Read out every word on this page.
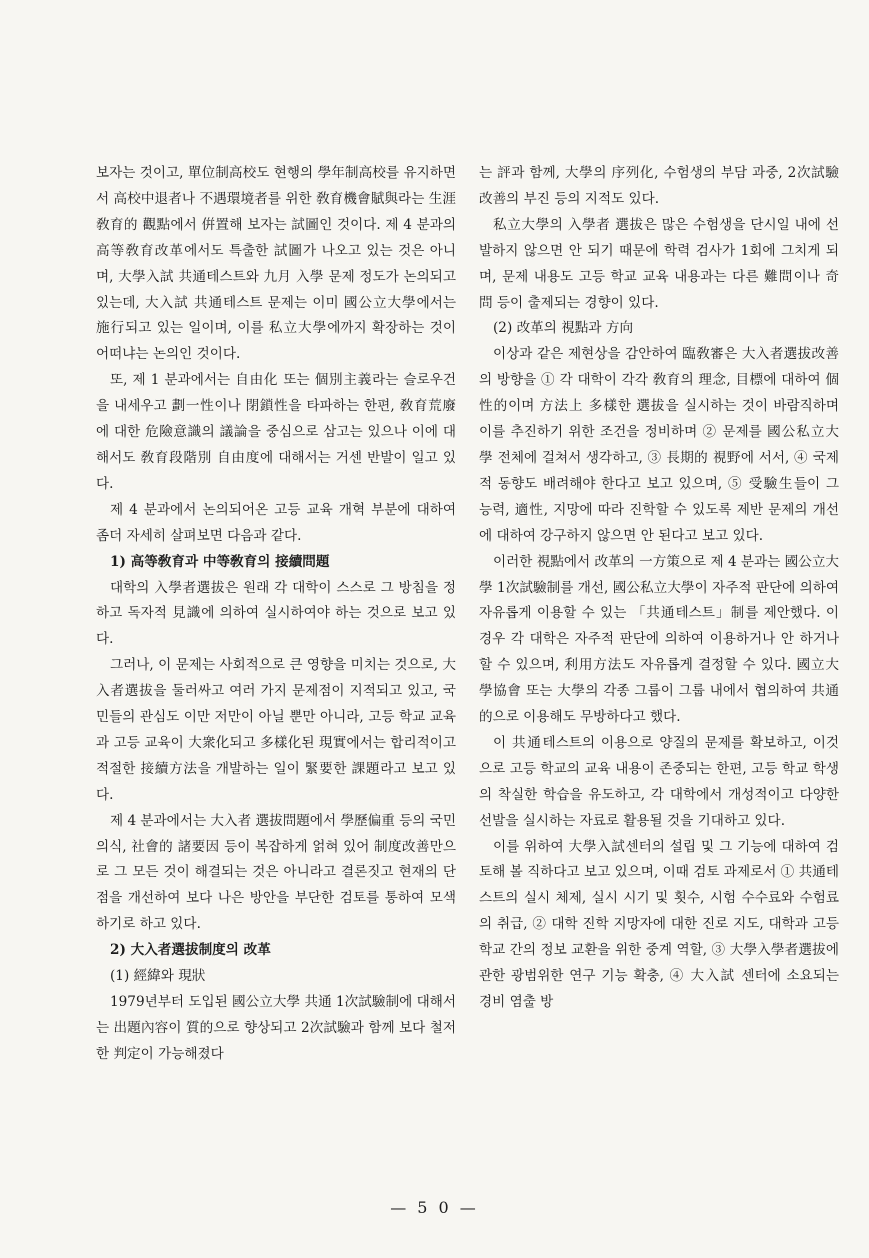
보자는 것이고, 單位制高校도 현행의 學年制高校를 유지하면서 高校中退者나 不遇環境者를 위한 敎育機會賦與라는 生涯敎育的 觀點에서 倂置해 보자는 試圖인 것이다. 제 4 분과의 高等敎育改革에서도 특출한 試圖가 나오고 있는 것은 아니며, 大學入試 共通테스트와 九月 入學 문제 정도가 논의되고 있는데, 大入試 共通테스트 문제는 이미 國公立大學에서는 施行되고 있는 일이며, 이를 私立大學에까지 확장하는 것이 어떠냐는 논의인 것이다.

또, 제 1 분과에서는 自由化 또는 個別主義라는 슬로우건을 내세우고 劃一性이나 閉鎖性을 타파하는 한편, 敎育荒廢에 대한 危險意識의 議論을 중심으로 삼고는 있으나 이에 대해서도 敎育段階別 自由度에 대해서는 거센 반발이 일고 있다.

제 4 분과에서 논의되어온 고등 교육 개혁 부분에 대하여 좀더 자세히 살펴보면 다음과 같다.

1) 高等敎育과 中等敎育의 接續問題

대학의 入學者選拔은 원래 각 대학이 스스로 그 방침을 정하고 독자적 見識에 의하여 실시하여야 하는 것으로 보고 있다.

그러나, 이 문제는 사회적으로 큰 영향을 미치는 것으로, 大入者選拔을 둘러싸고 여러 가지 문제점이 지적되고 있고, 국민들의 관심도 이만 저만이 아닐 뿐만 아니라, 고등 학교 교육과 고등 교육이 大衆化되고 多樣化된 現實에서는 합리적이고 적절한 接續方法을 개발하는 일이 緊要한 課題라고 보고 있다.

제 4 분과에서는 大入者 選拔問題에서 學歷偏重 등의 국민 의식, 社會的 諸要因 등이 복잡하게 얽혀 있어 制度改善만으로 그 모든 것이 해결되는 것은 아니라고 결론짓고 현재의 단점을 개선하여 보다 나은 방안을 부단한 검토를 통하여 모색하기로 하고 있다.

2) 大入者選拔制度의 改革

(1) 經緯와 現狀

1979년부터 도입된 國公立大學 共通 1次試驗制에 대해서는 出題內容이 質的으로 향상되고 2次試驗과 함께 보다 철저한 判定이 가능해졌다

는 評과 함께, 大學의 序列化, 수험생의 부담 과중, 2次試驗改善의 부진 등의 지적도 있다.

私立大學의 入學者 選拔은 많은 수험생을 단시일 내에 선발하지 않으면 안 되기 때문에 학력 검사가 1회에 그치게 되며, 문제 내용도 고등 학교 교육 내용과는 다른 難問이나 奇問 등이 출제되는 경향이 있다.

(2) 改革의 視點과 方向

이상과 같은 제현상을 감안하여 臨敎審은 大入者選拔改善의 방향을 ① 각 대학이 각각 敎育의 理念, 目標에 대하여 個性的이며 方法上 多樣한 選拔을 실시하는 것이 바람직하며 이를 추진하기 위한 조건을 정비하며 ② 문제를 國公私立大學 전체에 걸쳐서 생각하고, ③ 長期的 視野에 서서, ④ 국제적 동향도 배려해야 한다고 보고 있으며, ⑤ 受驗生들이 그 능력, 適性, 지망에 따라 진학할 수 있도록 제반 문제의 개선에 대하여 강구하지 않으면 안 된다고 보고 있다.

이러한 視點에서 改革의 一方策으로 제 4 분과는 國公立大學 1次試驗制를 개선, 國公私立大學이 자주적 판단에 의하여 자유롭게 이용할 수 있는 「共通테스트」制를 제안했다. 이 경우 각 대학은 자주적 판단에 의하여 이용하거나 안 하거나 할 수 있으며, 利用方法도 자유롭게 결정할 수 있다. 國立大學協會 또는 大學의 각종 그룹이 그룹 내에서 협의하여 共通的으로 이용해도 무방하다고 했다.

이 共通테스트의 이용으로 양질의 문제를 확보하고, 이것으로 고등 학교의 교육 내용이 존중되는 한편, 고등 학교 학생의 착실한 학습을 유도하고, 각 대학에서 개성적이고 다양한 선발을 실시하는 자료로 활용될 것을 기대하고 있다.

이를 위하여 大學入試센터의 설립 및 그 기능에 대하여 검토해 볼 직하다고 보고 있으며, 이때 검토 과제로서 ① 共通테스트의 실시 체제, 실시 시기 및 횟수, 시험 수수료와 수험료의 취급, ② 대학 진학 지망자에 대한 진로 지도, 대학과 고등 학교 간의 정보 교환을 위한 중계 역할, ③ 大學入學者選拔에 관한 광범위한 연구 기능 확충, ④ 大入試 센터에 소요되는 경비 염출 방

— 5 0 —
